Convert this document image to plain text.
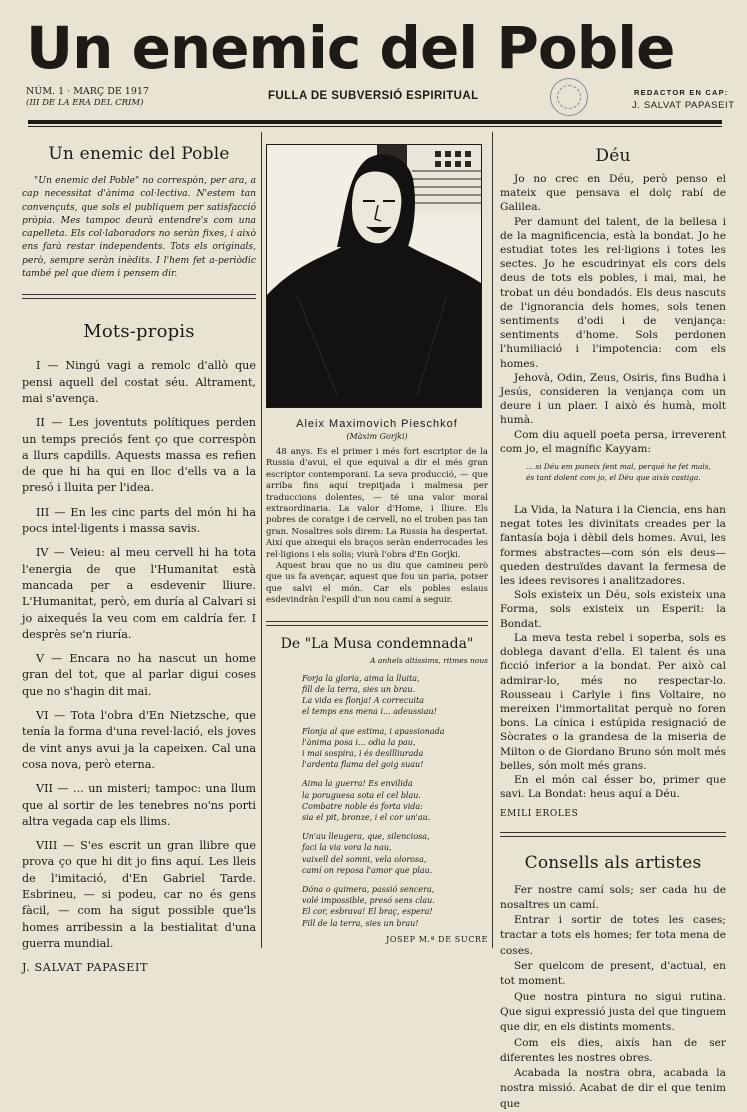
Un enemic del Poble
NÚM. 1 · MARÇ DE 1917
(III DE LA ERA DEL CRIM)
FULLA DE SUBVERSIÓ ESPIRITUAL	REDACTOR EN CAP:
J. SALVAT PAPASEIT
Un enemic del Poble

"Un enemic del Poble" no correspòn, per ara, a cap necessitat d'ànima col·lectiva. N'estem tan convençuts, que sols el publiquem per satisfacció pròpia. Mes tampoc deurà entendre's com una capelleta. Els col·laboradors no seràn fixes, i això ens farà restar independents. Tots els originals, però, sempre seràn inèdits. I l'hem fet a-periòdic també pel que diem i pensem dir.

Mots-propis

I — Ningú vagi a remolc d'allò que pensi aquell del costat séu. Altrament, mai s'avença.

II — Les joventuts polítiques perden un temps preciós fent ço que correspòn a llurs capdills. Aquests massa es refien de que hi ha qui en lloc d'ells va a la presó i lluita per l'idea.

III — En les cinc parts del món hi ha pocs intel·ligents i massa savis.

IV — Veieu: al meu cervell hi ha tota l'energia de que l'Humanitat està mancada per a esdevenir lliure. L'Humanitat, però, em duría al Calvari si jo aixequés la veu com em caldría fer. I desprès se'n riuría.

V — Encara no ha nascut un home gran del tot, que al parlar digui coses que no s'hagin dit mai.

VI — Tota l'obra d'En Nietzsche, que tenía la forma d'una revel·lació, els joves de vint anys avui ja la capeixen. Cal una cosa nova, però eterna.

VII — ... un misteri; tampoc: una llum que al sortir de les tenebres no'ns porti altra vegada cap els llims.

VIII — S'es escrit un gran llibre que prova ço que hi dit jo fins aquí. Les lleis de l'imitació, d'En Gabriel Tarde. Esbrineu, — si podeu, car no és gens fàcil, — com ha sigut possible que'ls homes arribessin a la bestialitat d'una guerra mundial.

J. SALVAT PAPASEIT

Aleix Maximovich Pieschkof
(Màxim Gorjki)

48 anys. Es el primer i més fort escriptor de la Russia d'avui, el que equival a dir el més gran escriptor contemporani. La seva producció, — que arriba fins aquí trepitjada i malmesa per traduccions dolentes, — té una valor moral extraordinaria. La valor d'Home, i lliure. Els pobres de coratge i de cervell, no el troben pas tan gran. Nosaltres sols direm: La Russia ha despertat. Així que aixequi els braços seràn enderrocades les rel·ligions i els solis; viurà l'obra d'En Gorjki.

Aquest brau que no us diu que camineu però que us fa avençar, aquest que fou un paria, potser que salvi el món. Car els pobles eslaus esdevindràn l'espill d'un nou camí a seguir.

De "La Musa condemnada"
A anhels altissims, ritmes nous

Forja la gloria, aima la lluita,

fill de la terra, sies un brau.

La vida es flonja! A correcuita

el temps ens mena i... adeussiau!

Flonja al que estima, i apassionada

l'ànima posa i... odia la pau,

i mai sospira, i és desllliurada

l'ardenta flama del goig suau!

Aima la guerra! Es envilida

la poruguesa sota el cel blau.

Combatre noble és forta vida:

sia el pit, bronze, i el cor un'au.

Un'au lleugera, que, silenciosa,

faci la via vora la nau,

vaixell del somni, vela olorosa,

camí on reposa l'amor que plau.

Dóna o quimera, passió sencera,

volé impossible, presó sens clau.

El cor, esbrava! El braç, espera!

Fill de la terra, sies un brau!

JOSEP M.ª DE SUCRE
Déu

Jo no crec en Déu, però penso el mateix que pensava el dolç rabí de Galilea.

Per damunt del talent, de la bellesa i de la magnificencia, està la bondat. Jo he estudiat totes les rel·ligions i totes les sectes. Jo he escudrinyat els cors dels deus de tots els pobles, i mai, mai, he trobat un déu bondadós. Els deus nascuts de l'ignorancia dels homes, sols tenen sentiments d'odi i de venjança: sentiments d'home. Sols perdonen l'humiliació i l'impotencia: com els homes.

Jehovà, Odin, Zeus, Osiris, fins Budha i Jesús, consideren la venjança com un deure i un plaer. I això és humà, molt humà.

Com diu aquell poeta persa, irreverent com jo, el magnífic Kayyam:

... si Déu em puneix fent mal, perquè he fet mals,

és tant dolent com jo, el Déu que aixís castiga.

La Vida, la Natura i la Ciencia, ens han negat totes les divinitats creades per la fantasía boja i dèbil dels homes. Avui, les formes abstractes—com són els deus—queden destruïdes davant la fermesa de les idees revisores i analitzadores.

Sols existeix un Déu, sols existeix una Forma, sols existeix un Esperit: la Bondat.

La meva testa rebel i soperba, sols es doblega davant d'ella. El talent és una ficció inferior a la bondat. Per això cal admirar-lo, més no respectar-lo. Rousseau i Carlyle i fins Voltaire, no mereixen l'immortalitat perquè no foren bons. La cínica i estúpida resignació de Sòcrates o la grandesa de la miseria de Milton o de Giordano Bruno són molt més belles, són molt més grans.

En el món cal ésser bo, primer que savi. La Bondat: heus aquí a Déu.

EMILI EROLES

Consells als artistes

Fer nostre camí sols; ser cada hu de nosaltres un camí.

Entrar i sortir de totes les cases; tractar a tots els homes; fer tota mena de coses.

Ser quelcom de present, d'actual, en tot moment.

Que nostra pintura no sigui rutina. Que sigui expressió justa del que tinguem que dir, en els distints moments.

Com els dies, aixís han de ser diferentes les nostres obres.

Acabada la nostra obra, acabada la nostra missió. Acabat de dir el que tenim que
